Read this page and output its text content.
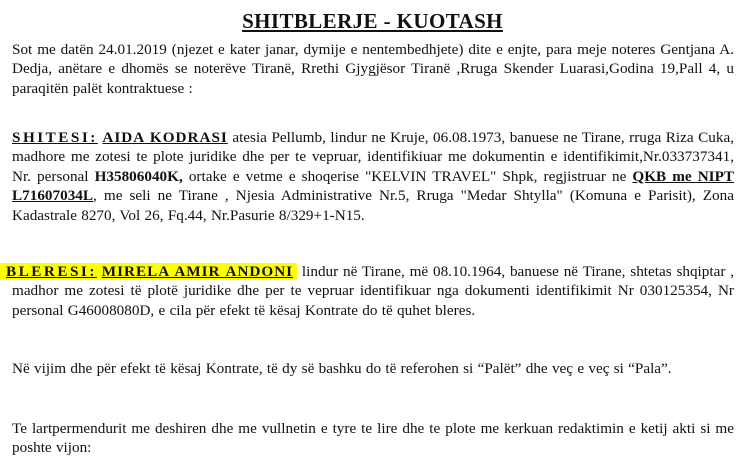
SHITBLERJE - KUOTASH
Sot me datën 24.01.2019 (njezet e kater janar, dymije e nentembedhjete) dite e enjte, para meje noteres Gentjana A. Dedja, anëtare e dhomës se noterëve Tiranë, Rrethi Gjygjësor Tiranë ,Rruga Skender Luarasi,Godina 19,Pall 4, u paraqitën palët kontraktuese :
SHITESI: AIDA KODRASI atesia Pellumb, lindur ne Kruje, 06.08.1973, banuese ne Tirane, rruga Riza Cuka, madhore me zotesi te plote juridike dhe per te vepruar, identifikiuar me dokumentin e identifikimit,Nr.033737341, Nr. personal H35806040K, ortake e vetme e shoqerise "KELVIN TRAVEL" Shpk, regjistruar ne QKB me NIPT L71607034L, me seli ne Tirane , Njesia Administrative Nr.5, Rruga "Medar Shtylla" (Komuna e Parisit), Zona Kadastrale 8270, Vol 26, Fq.44, Nr.Pasurie 8/329+1-N15.
BLERESI: MIRELA AMIR ANDONI lindur në Tirane, më 08.10.1964, banuese në Tirane, shtetas shqiptar , madhor me zotesi të plotë juridike dhe per te vepruar identifikuar nga dokumenti identifikimit Nr 030125354, Nr personal G46008080D, e cila për efekt të kësaj Kontrate do të quhet bleres.
Në vijim dhe për efekt të kësaj Kontrate, të dy së bashku do të referohen si “Palët” dhe veç e veç si “Pala”.
Te lartpermendurit me deshiren dhe me vullnetin e tyre te lire dhe te plote me kerkuan redaktimin e ketij akti si me poshte vijon:
